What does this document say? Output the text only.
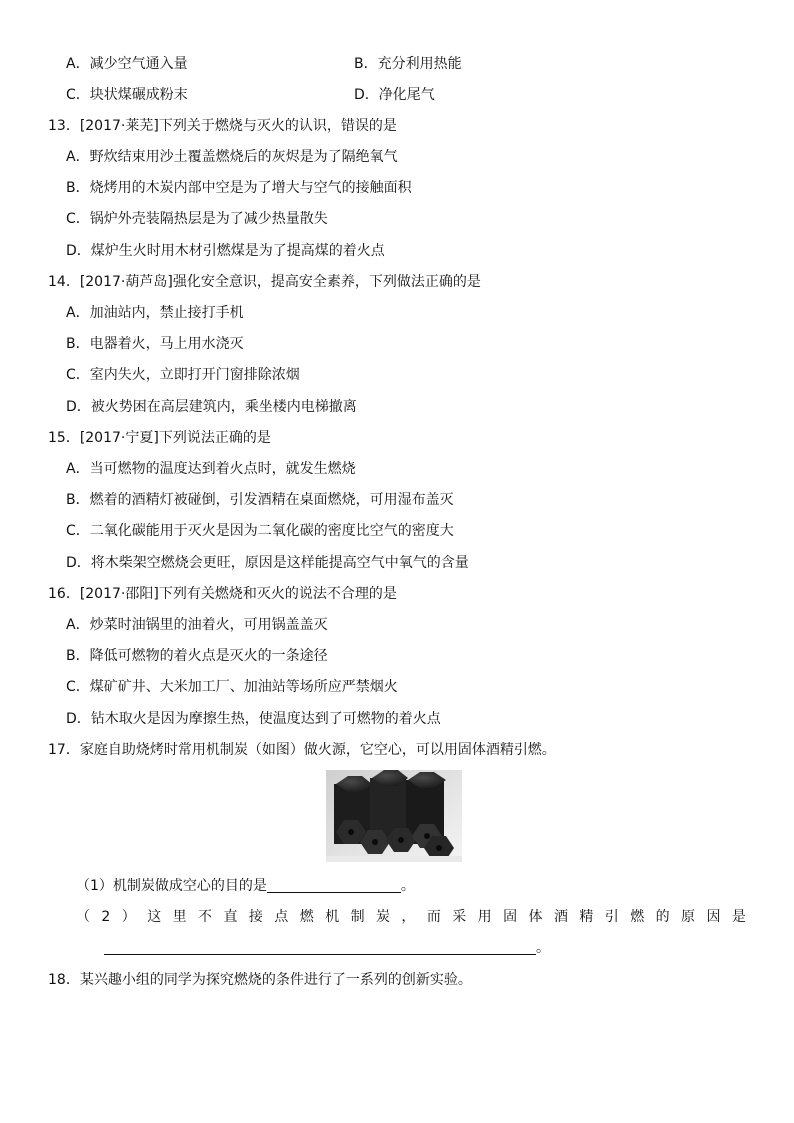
A．减少空气通入量	B．充分利用热能
C．块状煤碾成粉末	D．净化尾气
13．[2017·莱芜]下列关于燃烧与灭火的认识，错误的是
A．野炊结束用沙土覆盖燃烧后的灰烬是为了隔绝氧气
B．烧烤用的木炭内部中空是为了增大与空气的接触面积
C．锅炉外壳装隔热层是为了减少热量散失
D．煤炉生火时用木材引燃煤是为了提高煤的着火点
14．[2017·葫芦岛]强化安全意识，提高安全素养，下列做法正确的是
A．加油站内，禁止接打手机
B．电器着火，马上用水浇灭
C．室内失火，立即打开门窗排除浓烟
D．被火势困在高层建筑内，乘坐楼内电梯撤离
15．[2017·宁夏]下列说法正确的是
A．当可燃物的温度达到着火点时，就发生燃烧
B．燃着的酒精灯被碰倒，引发酒精在桌面燃烧，可用湿布盖灭
C．二氧化碳能用于灭火是因为二氧化碳的密度比空气的密度大
D．将木柴架空燃烧会更旺，原因是这样能提高空气中氧气的含量
16．[2017·邵阳]下列有关燃烧和灭火的说法不合理的是
A．炒菜时油锅里的油着火，可用锅盖盖灭
B．降低可燃物的着火点是灭火的一条途径
C．煤矿矿井、大米加工厂、加油站等场所应严禁烟火
D．钻木取火是因为摩擦生热，使温度达到了可燃物的着火点
17．家庭自助烧烤时常用机制炭（如图）做火源，它空心，可以用固体酒精引燃。
（1）机制炭做成空心的目的是	。
（ 2 ） 这 里 不 直 接 点 燃 机 制 炭 ， 而 采 用 固 体 酒 精 引 燃 的 原 因 是
。
18．某兴趣小组的同学为探究燃烧的条件进行了一系列的创新实验。
